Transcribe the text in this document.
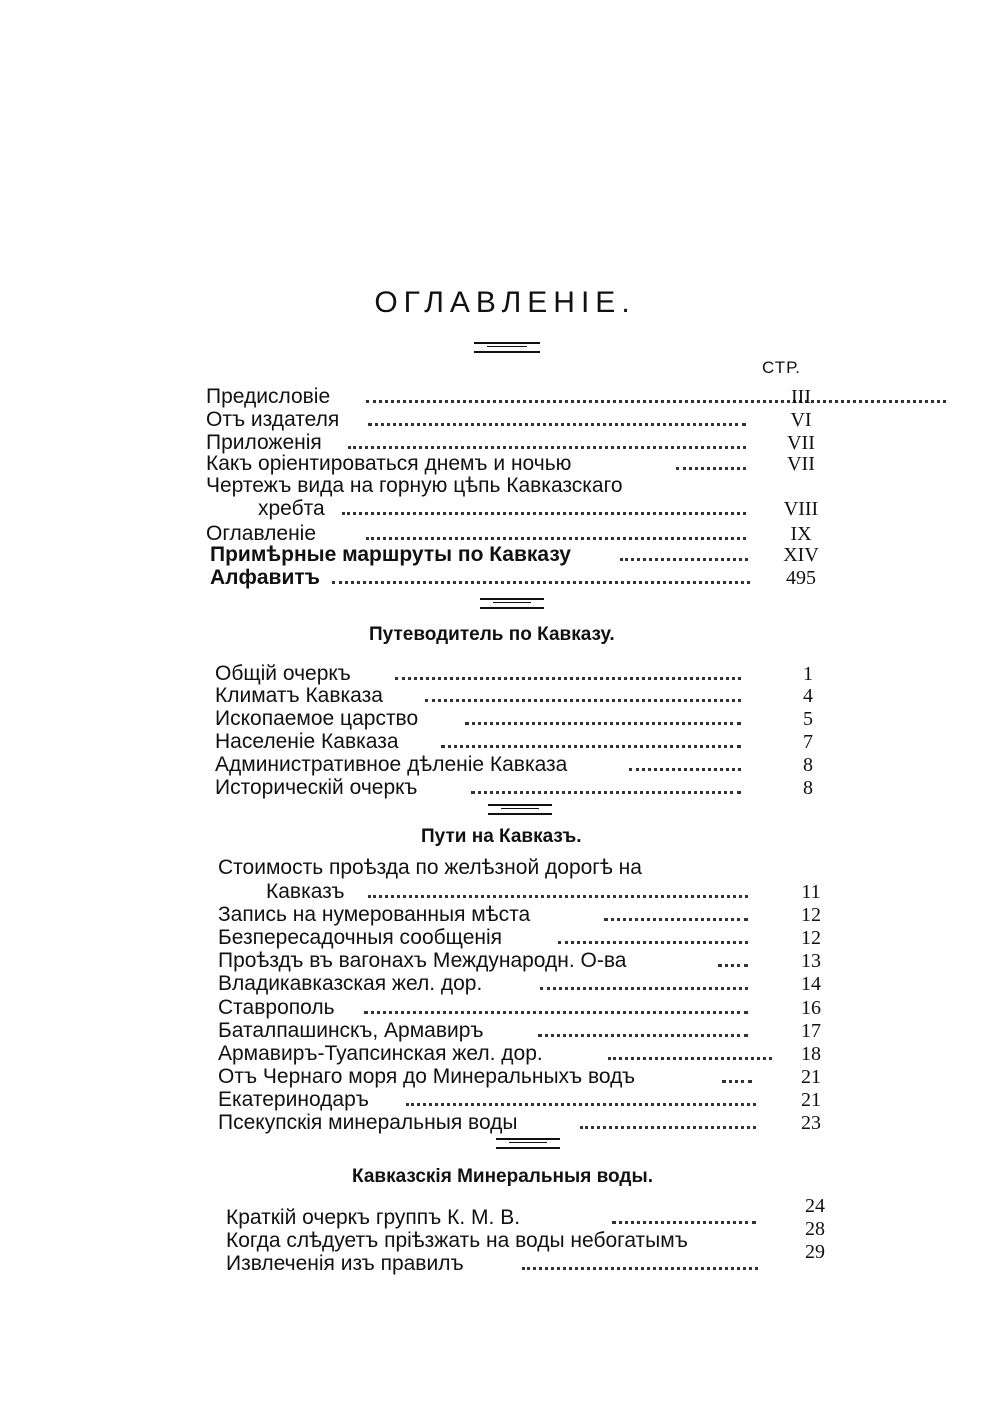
ОГЛАВЛЕНІЕ.
СТР.
Предисловіе	III
Отъ издателя	VI
Приложенія	VII
Какъ оріентироваться днемъ и ночью	VII
Чертежъ вида на горную цѣпь Кавказскаго
хребта	VIII
Оглавленіе	IX
Примѣрные маршруты по Кавказу	XIV
Алфавитъ	495
Путеводитель по Кавказу.
Общій очеркъ	1
Климатъ Кавказа	4
Ископаемое царство	5
Населеніе Кавказа	7
Административное дѣленіе Кавказа	8
Историческій очеркъ	8
Пути на Кавказъ.
Стоимость проѣзда по желѣзной дорогѣ на
Кавказъ	11
Запись на нумерованныя мѣста	12
Безпересадочныя сообщенія	12
Проѣздъ въ вагонахъ Международн. О-ва	13
Владикавказская жел. дор.	14
Ставрополь	16
Баталпашинскъ, Армавиръ	17
Армавиръ-Туапсинская жел. дор.	18
Отъ Чернаго моря до Минеральныхъ водъ	21
Екатеринодаръ	21
Псекупскія минеральныя воды	23
Кавказскія Минеральныя воды.
Краткій очеркъ группъ К. М. В.	24
Когда слѣдуетъ пріѣзжать на воды небогатымъ	28
Извлеченія изъ правилъ	29
